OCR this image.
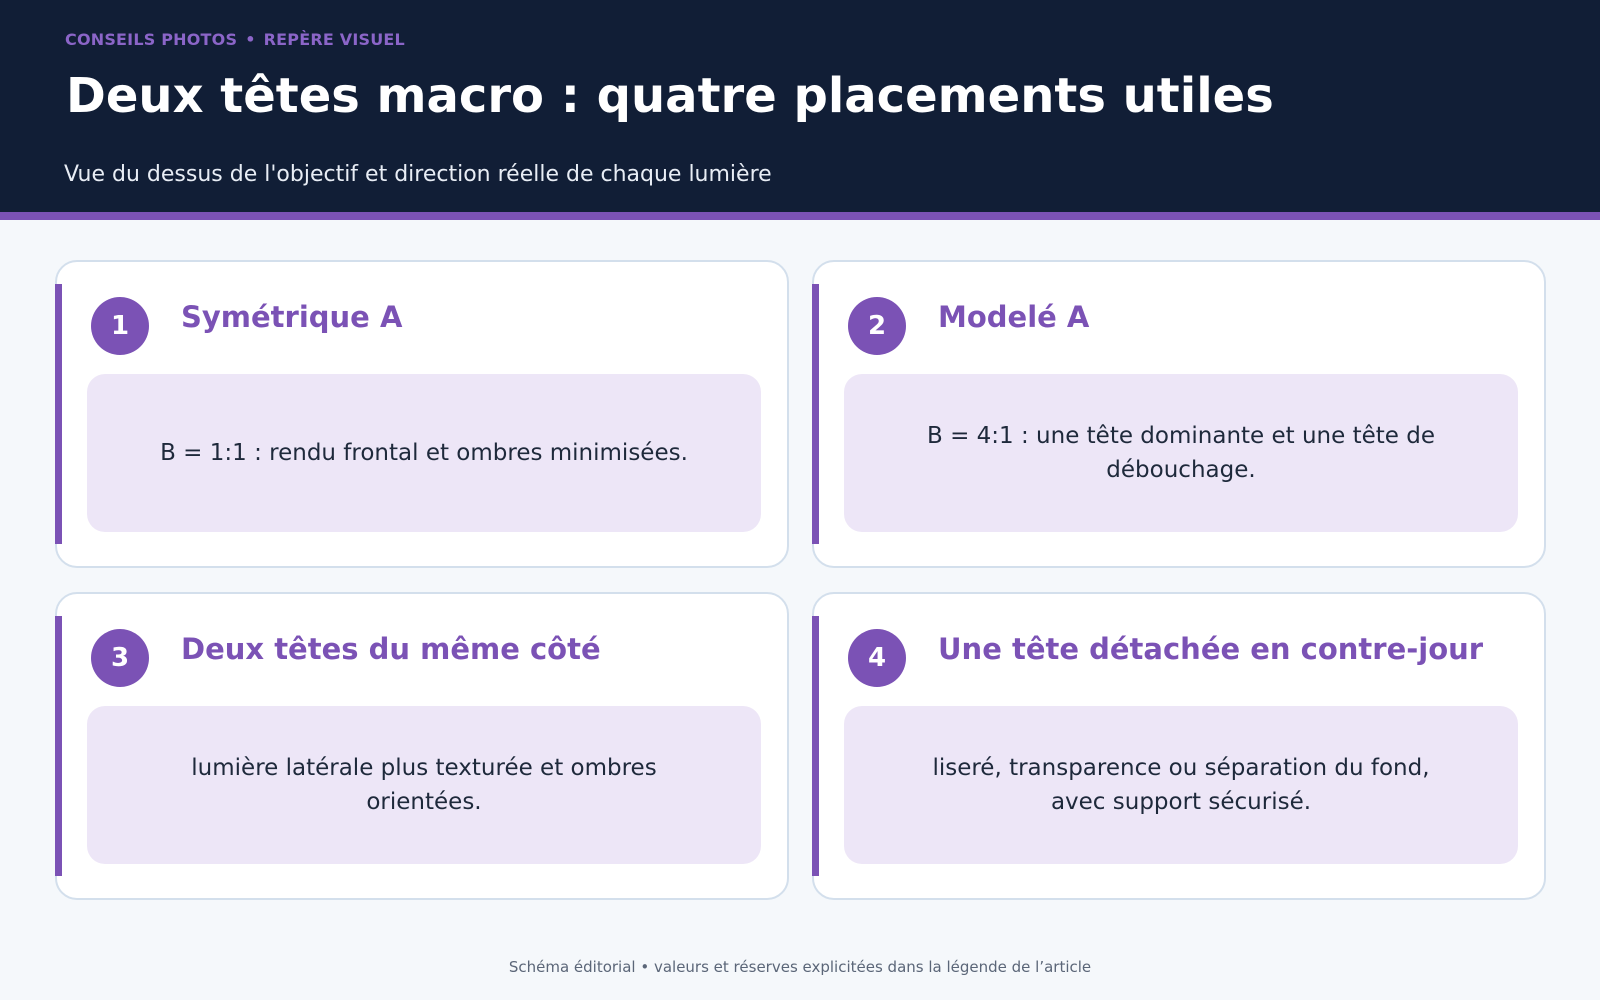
CONSEILS PHOTOS • REPÈRE VISUEL
Deux têtes macro : quatre placements utiles

Vue du dessus de l'objectif et direction réelle de chaque lumière

1	Symétrique A

B = 1:1 : rendu frontal et ombres minimisées.

2	Modelé A

B = 4:1 : une tête dominante et une tête de débouchage.

3	Deux têtes du même côté

lumière latérale plus texturée et ombres orientées.

4	Une tête détachée en contre-jour

liseré, transparence ou séparation du fond, avec support sécurisé.

Schéma éditorial • valeurs et réserves explicitées dans la légende de l’article
